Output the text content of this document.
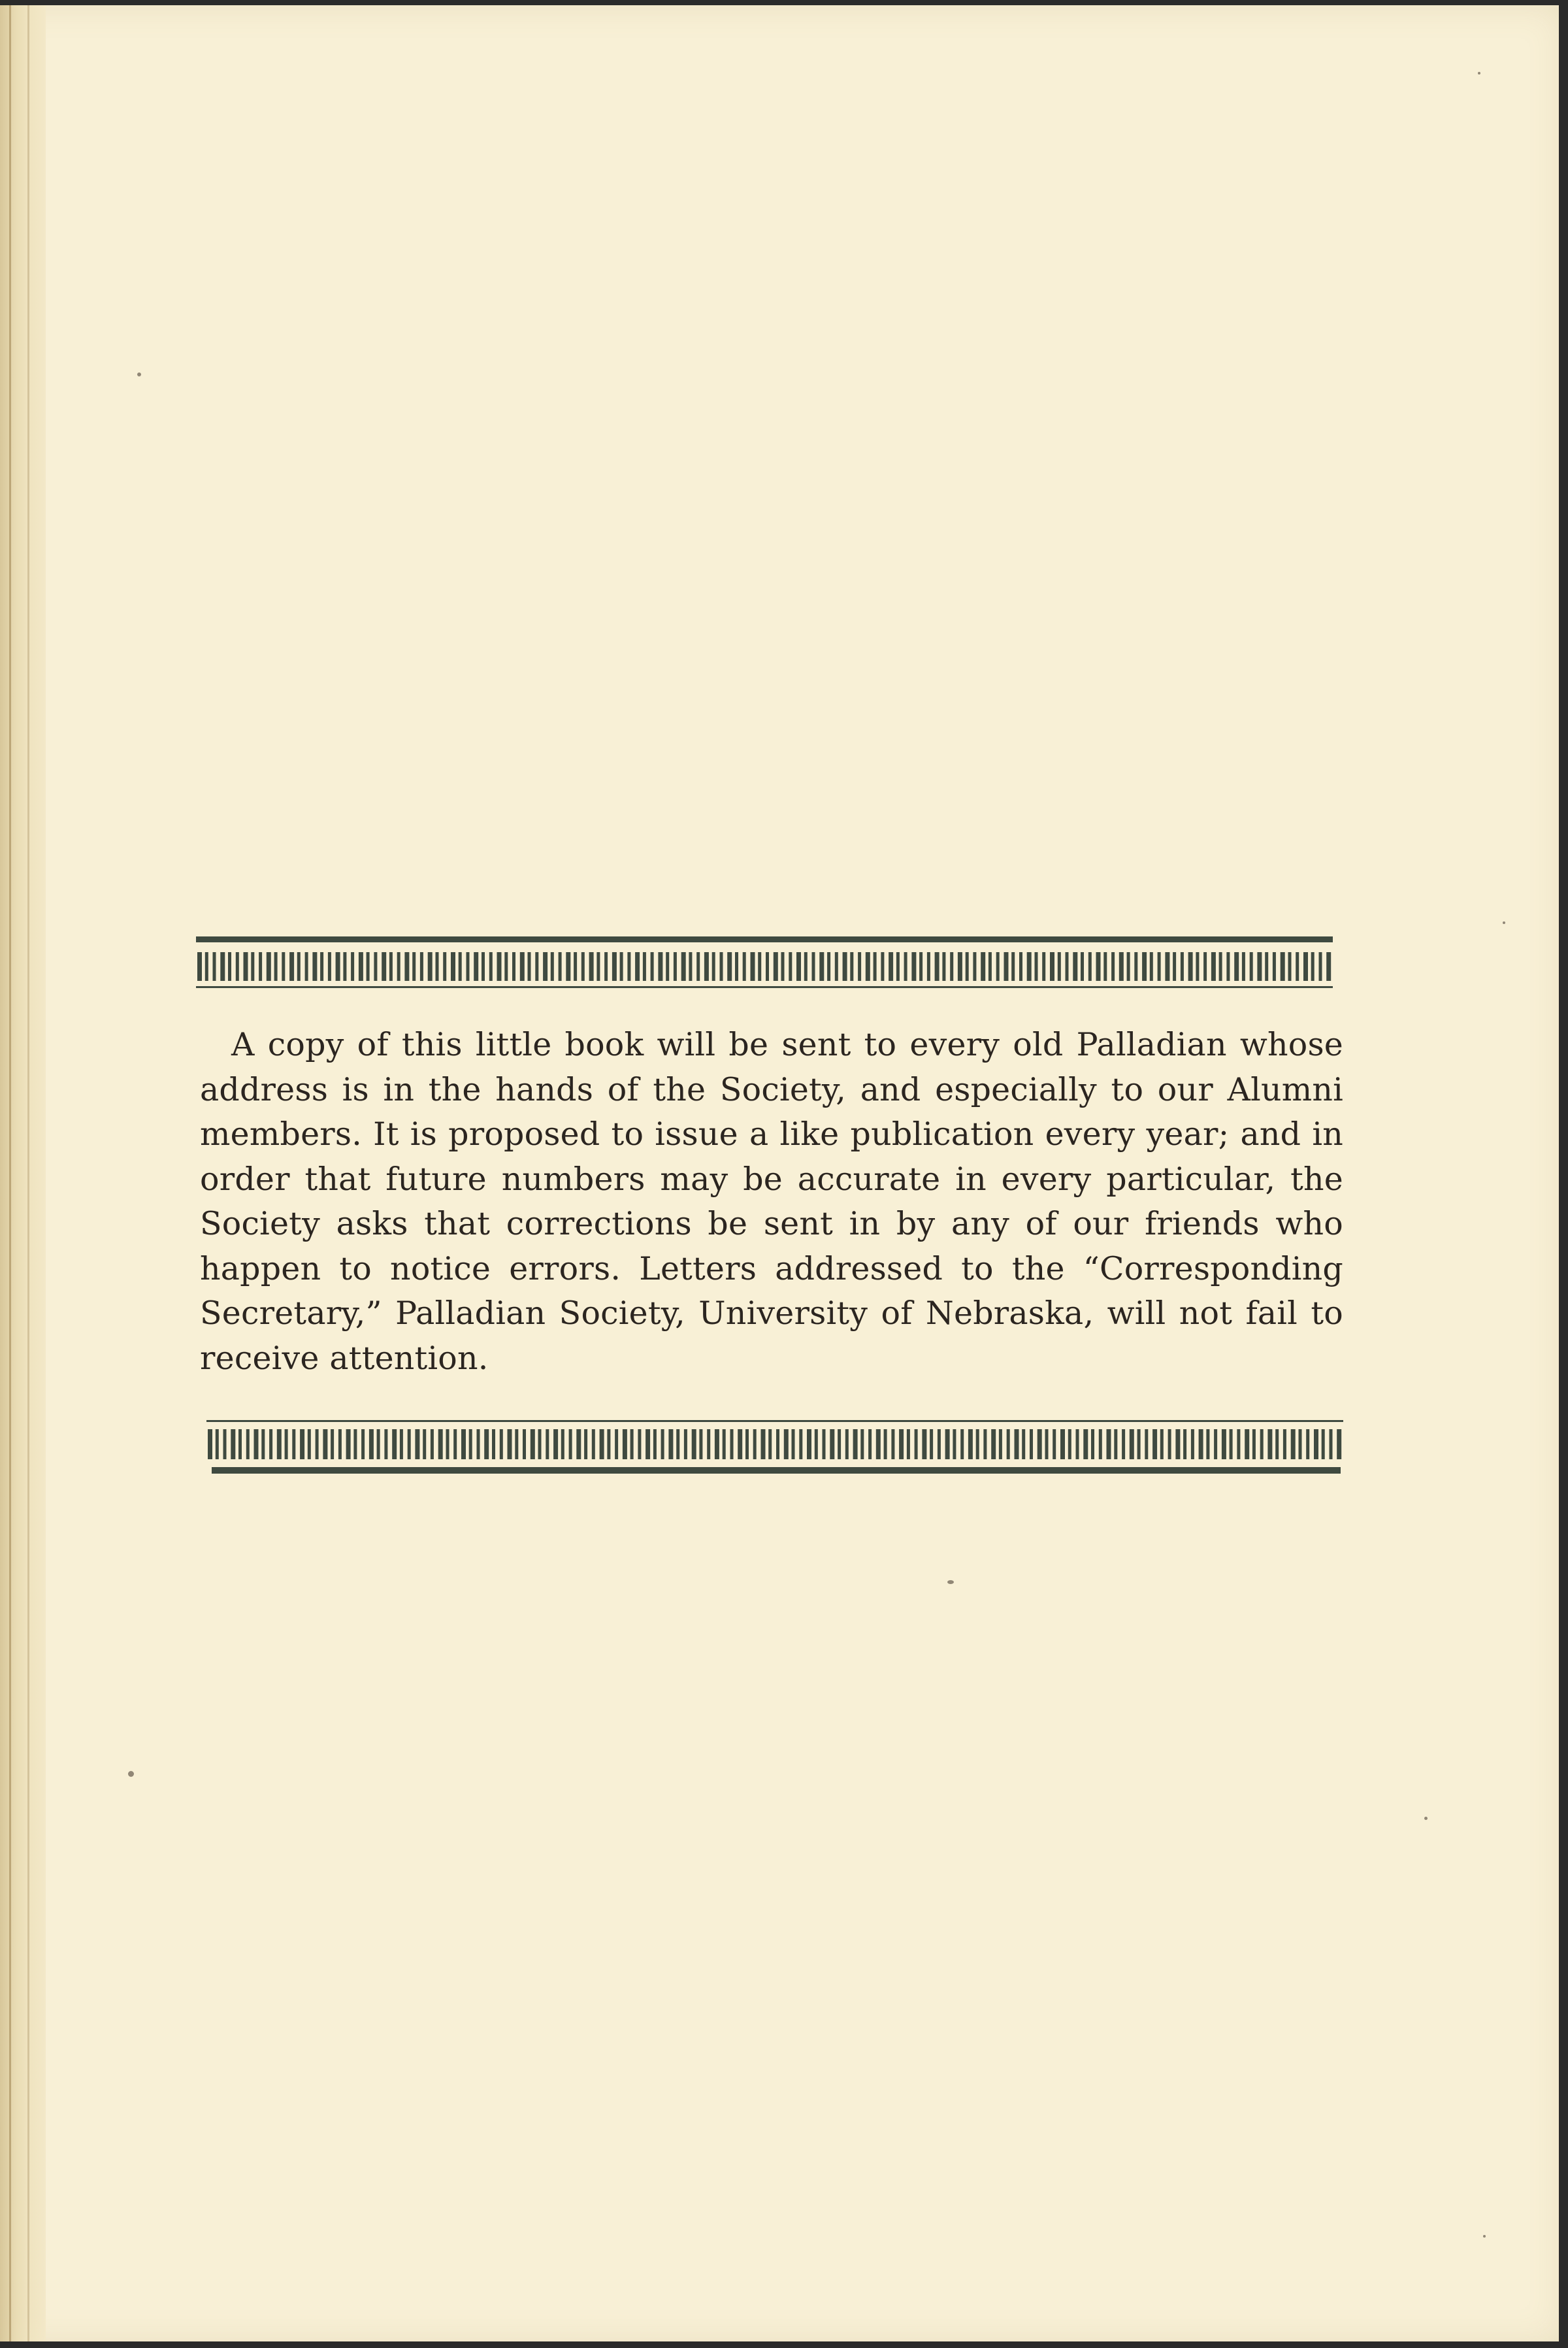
A copy of this little book will be sent to every old Palladian whose address is in the hands of the Society, and especially to our Alumni members. It is proposed to issue a like publication every year; and in order that future numbers may be accurate in every particular, the Society asks that corrections be sent in by any of our friends who happen to notice errors. Letters addressed to the “Corresponding Secretary,” Palladian Society, University of Nebraska, will not fail to receive attention.
